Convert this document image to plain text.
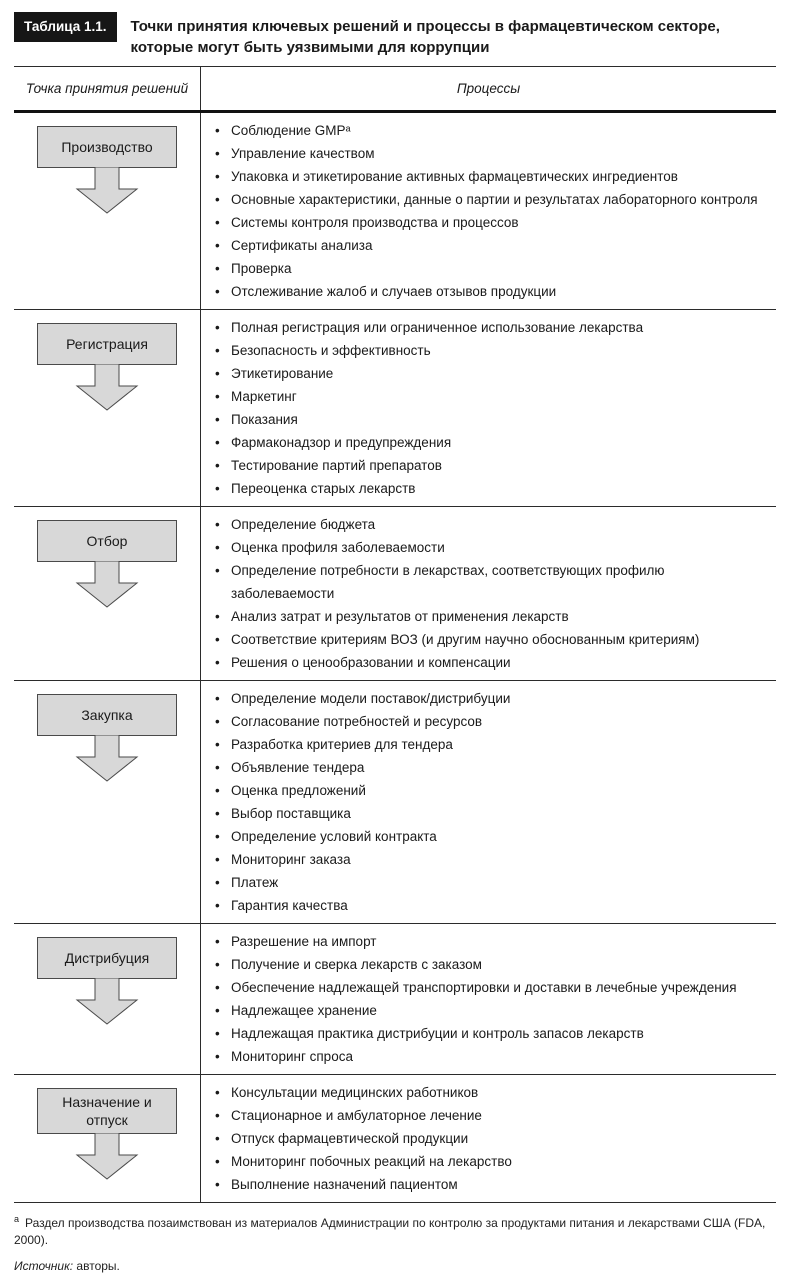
Таблица 1.1.	Точки принятия ключевых решений и процессы в фармацевтическом секторе, которые могут быть уязвимыми для коррупции
Точка принятия решений	Процессы
Производство
• Соблюдение GMPᵃ
• Управление качеством
• Упаковка и этикетирование активных фармацевтических ингредиентов
• Основные характеристики, данные о партии и результатах лабораторного контроля
• Системы контроля производства и процессов
• Сертификаты анализа
• Проверка
• Отслеживание жалоб и случаев отзывов продукции
Регистрация
• Полная регистрация или ограниченное использование лекарства
• Безопасность и эффективность
• Этикетирование
• Маркетинг
• Показания
• Фармаконадзор и предупреждения
• Тестирование партий препаратов
• Переоценка старых лекарств
Отбор
• Определение бюджета
• Оценка профиля заболеваемости
• Определение потребности в лекарствах, соответствующих профилю заболеваемости
• Анализ затрат и результатов от применения лекарств
• Соответствие критериям ВОЗ (и другим научно обоснованным критериям)
• Решения о ценообразовании и компенсации
Закупка
• Определение модели поставок/дистрибуции
• Согласование потребностей и ресурсов
• Разработка критериев для тендера
• Объявление тендера
• Оценка предложений
• Выбор поставщика
• Определение условий контракта
• Мониторинг заказа
• Платеж
• Гарантия качества
Дистрибуция
• Разрешение на импорт
• Получение и сверка лекарств с заказом
• Обеспечение надлежащей транспортировки и доставки в лечебные учреждения
• Надлежащее хранение
• Надлежащая практика дистрибуции и контроль запасов лекарств
• Мониторинг спроса
Назначение и отпуск
• Консультации медицинских работников
• Стационарное и амбулаторное лечение
• Отпуск фармацевтической продукции
• Мониторинг побочных реакций на лекарство
• Выполнение назначений пациентом
$^a$ Раздел производства позаимствован из материалов Администрации по контролю за продуктами питания и лекарствами США (FDA, 2000).
Источник: авторы.
